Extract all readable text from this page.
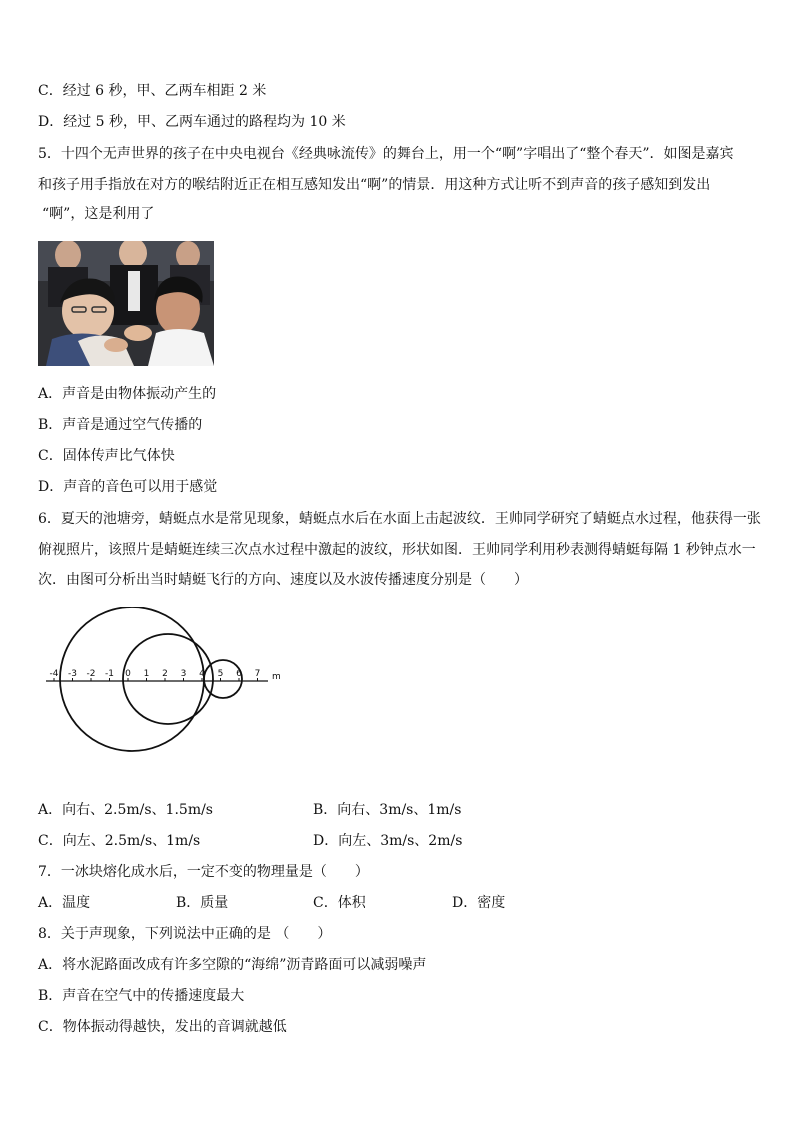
C．经过 6 秒，甲、乙两车相距 2 米
D．经过 5 秒，甲、乙两车通过的路程均为 10 米
5．十四个无声世界的孩子在中央电视台《经典咏流传》的舞台上，用一个“啊”字唱出了“整个春天”．如图是嘉宾
和孩子用手指放在对方的喉结附近正在相互感知发出“啊”的情景．用这种方式让听不到声音的孩子感知到发出
“啊”，这是利用了
A．声音是由物体振动产生的
B．声音是通过空气传播的
C．固体传声比气体快
D．声音的音色可以用于感觉
6．夏天的池塘旁，蜻蜓点水是常见现象，蜻蜓点水后在水面上击起波纹．王帅同学研究了蜻蜓点水过程，他获得一张
俯视照片，该照片是蜻蜓连续三次点水过程中激起的波纹，形状如图．王帅同学利用秒表测得蜻蜓每隔 1 秒钟点水一
次．由图可分析出当时蜻蜓飞行的方向、速度以及水波传播速度分别是（　　）
-4 -3 -2 -1 0 1 2 3 4 5 6 7 m
A．向右、2.5m/s、1.5m/s	B．向右、3m/s、1m/s
C．向左、2.5m/s、1m/s	D．向左、3m/s、2m/s
7．一冰块熔化成水后，一定不变的物理量是（　　）
A．温度	B．质量	C．体积	D．密度
8．关于声现象，下列说法中正确的是 （　　）
A．将水泥路面改成有许多空隙的“海绵”沥青路面可以减弱噪声
B．声音在空气中的传播速度最大
C．物体振动得越快，发出的音调就越低
